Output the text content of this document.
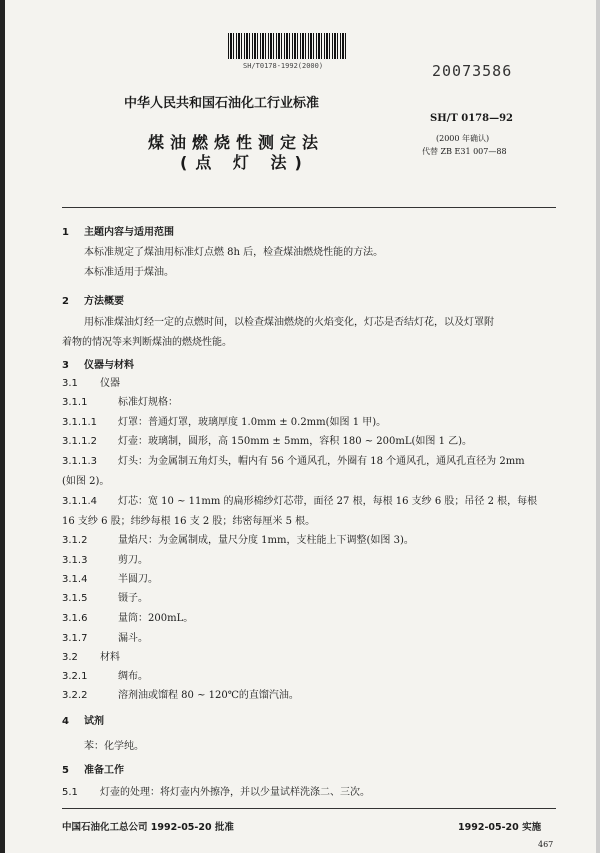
SH/T0178-1992(2000)	20073586
中华人民共和国石油化工行业标准
煤油燃烧性测定法
(点 灯 法)
SH/T 0178—92
(2000 年确认)
代替 ZB E31 007—88
1 主题内容与适用范围
本标准规定了煤油用标准灯点燃 8h 后，检查煤油燃烧性能的方法。
本标准适用于煤油。
2 方法概要
用标准煤油灯经一定的点燃时间，以检查煤油燃烧的火焰变化，灯芯是否结灯花，以及灯罩附
着物的情况等来判断煤油的燃烧性能。
3 仪器与材料
3.1 仪器
3.1.1	标准灯规格：
3.1.1.1 灯罩：普通灯罩，玻璃厚度 1.0mm ± 0.2mm(如图 1 甲)。
3.1.1.2 灯壶：玻璃制，圆形，高 150mm ± 5mm，容积 180 ~ 200mL(如图 1 乙)。
3.1.1.3 灯头：为金属制五角灯头，帽内有 56 个通风孔，外圈有 18 个通风孔，通风孔直径为 2mm
(如图 2)。
3.1.1.4 灯芯：宽 10 ~ 11mm 的扁形棉纱灯芯带，面径 27 根，每根 16 支纱 6 股；吊径 2 根，每根
16 支纱 6 股；纬纱每根 16 支 2 股；纬密每厘米 5 根。
3.1.2	量焰尺：为金属制成，量尺分度 1mm，支柱能上下调整(如图 3)。
3.1.3	剪刀。
3.1.4	半圆刀。
3.1.5	镊子。
3.1.6	量筒：200mL。
3.1.7	漏斗。
3.2 材料
3.2.1	绸布。
3.2.2	溶剂油或馏程 80 ~ 120℃的直馏汽油。
4 试剂
苯：化学纯。
5 准备工作
5.1 灯壶的处理：将灯壶内外擦净，并以少量试样洗涤二、三次。
中国石油化工总公司 1992-05-20 批准	1992-05-20 实施
467
